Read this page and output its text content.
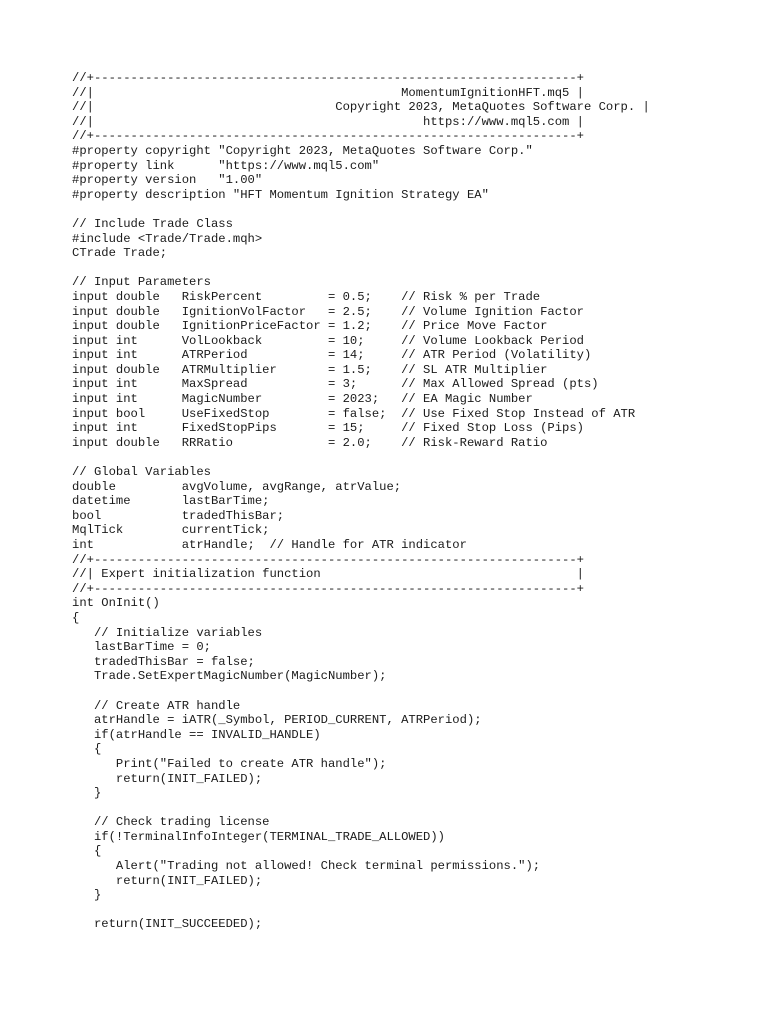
//+------------------------------------------------------------------+
//|                                          MomentumIgnitionHFT.mq5 |
//|                                 Copyright 2023, MetaQuotes Software Corp. |
//|                                             https://www.mql5.com |
//+------------------------------------------------------------------+
#property copyright "Copyright 2023, MetaQuotes Software Corp."
#property link      "https://www.mql5.com"
#property version   "1.00"
#property description "HFT Momentum Ignition Strategy EA"
// Include Trade Class
#include <Trade/Trade.mqh>
CTrade Trade;
// Input Parameters
input double   RiskPercent         = 0.5;    // Risk % per Trade
input double   IgnitionVolFactor   = 2.5;    // Volume Ignition Factor
input double   IgnitionPriceFactor = 1.2;    // Price Move Factor
input int      VolLookback         = 10;     // Volume Lookback Period
input int      ATRPeriod           = 14;     // ATR Period (Volatility)
input double   ATRMultiplier       = 1.5;    // SL ATR Multiplier
input int      MaxSpread           = 3;      // Max Allowed Spread (pts)
input int      MagicNumber         = 2023;   // EA Magic Number
input bool     UseFixedStop        = false;  // Use Fixed Stop Instead of ATR
input int      FixedStopPips       = 15;     // Fixed Stop Loss (Pips)
input double   RRRatio             = 2.0;    // Risk-Reward Ratio
// Global Variables
double         avgVolume, avgRange, atrValue;
datetime       lastBarTime;
bool           tradedThisBar;
MqlTick        currentTick;
int            atrHandle;  // Handle for ATR indicator
//+------------------------------------------------------------------+
//| Expert initialization function                                   |
//+------------------------------------------------------------------+
int OnInit()
{
// Initialize variables
lastBarTime = 0;
tradedThisBar = false;
Trade.SetExpertMagicNumber(MagicNumber);
// Create ATR handle
atrHandle = iATR(_Symbol, PERIOD_CURRENT, ATRPeriod);
if(atrHandle == INVALID_HANDLE)
{
Print("Failed to create ATR handle");
return(INIT_FAILED);
}
// Check trading license
if(!TerminalInfoInteger(TERMINAL_TRADE_ALLOWED))
{
Alert("Trading not allowed! Check terminal permissions.");
return(INIT_FAILED);
}
return(INIT_SUCCEEDED);
